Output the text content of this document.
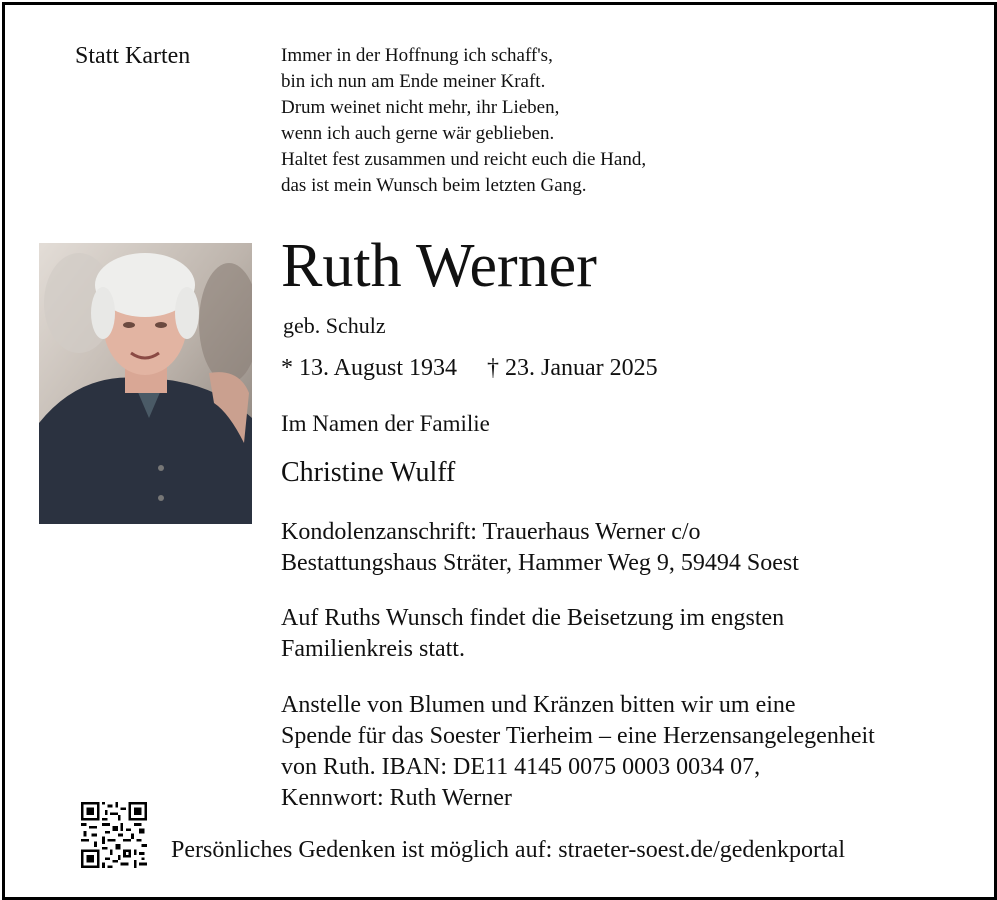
Statt Karten	Immer in der Hoffnung ich schaff's,
bin ich nun am Ende meiner Kraft.
Drum weinet nicht mehr, ihr Lieben,
wenn ich auch gerne wär geblieben.
Haltet fest zusammen und reicht euch die Hand,
das ist mein Wunsch beim letzten Gang.
Ruth Werner
geb. Schulz
* 13. August 1934 † 23. Januar 2025
Im Namen der Familie
Christine Wulff
Kondolenzanschrift: Trauerhaus Werner c/o
Bestattungshaus Sträter, Hammer Weg 9, 59494 Soest
Auf Ruths Wunsch findet die Beisetzung im engsten
Familienkreis statt.
Anstelle von Blumen und Kränzen bitten wir um eine
Spende für das Soester Tierheim – eine Herzensangelegenheit
von Ruth. IBAN: DE11 4145 0075 0003 0034 07,
Kennwort: Ruth Werner
Persönliches Gedenken ist möglich auf: straeter-soest.de/gedenkportal
